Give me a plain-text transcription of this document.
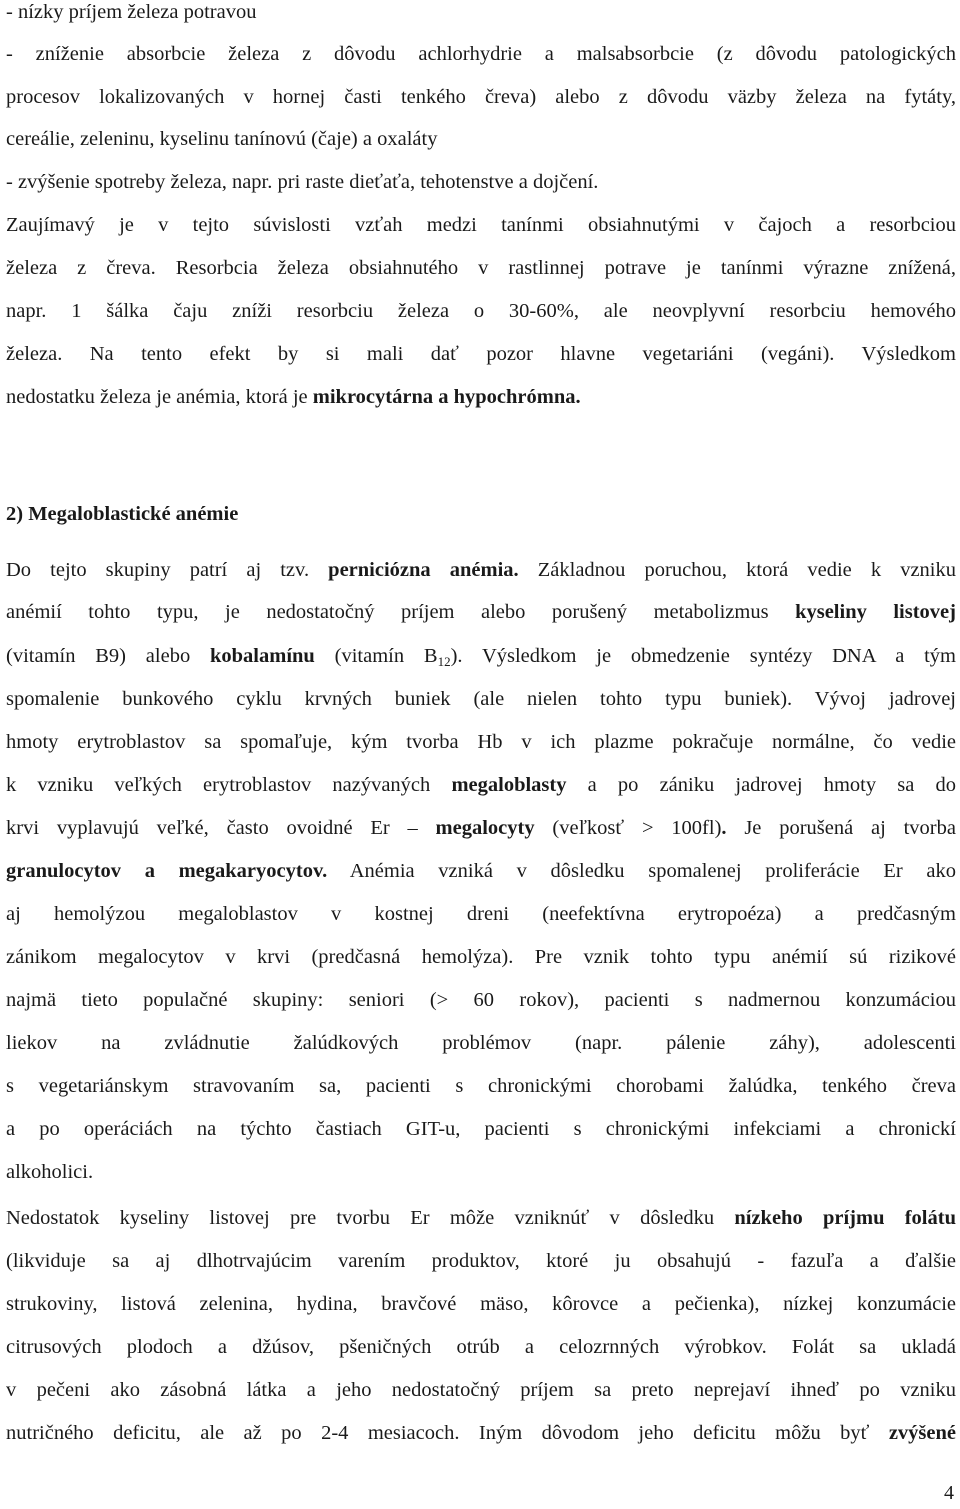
- nízky príjem železa potravou
- zníženie absorbcie železa z dôvodu achlorhydrie a malsabsorbcie (z dôvodu patologických
procesov lokalizovaných v hornej časti tenkého čreva) alebo z dôvodu väzby železa na fytáty,
cereálie, zeleninu, kyselinu tanínovú (čaje) a oxaláty
- zvýšenie spotreby železa, napr. pri raste dieťaťa, tehotenstve a dojčení.
Zaujímavý je v tejto súvislosti vzťah medzi tanínmi obsiahnutými v čajoch a resorbciou
železa z čreva. Resorbcia železa obsiahnutého v rastlinnej potrave je tanínmi výrazne znížená,
napr. 1 šálka čaju zníži resorbciu železa o 30-60%, ale neovplyvní resorbciu hemového
železa. Na tento efekt by si mali dať pozor hlavne vegetariáni (vegáni). Výsledkom
nedostatku železa je anémia, ktorá je mikrocytárna a hypochrómna.
2) Megaloblastické anémie
Do tejto skupiny patrí aj tzv. perniciózna anémia. Základnou poruchou, ktorá vedie k vzniku
anémií tohto typu, je nedostatočný príjem alebo porušený metabolizmus kyseliny listovej
(vitamín B9) alebo kobalamínu (vitamín $B_{12}$). Výsledkom je obmedzenie syntézy DNA a tým
spomalenie bunkového cyklu krvných buniek (ale nielen tohto typu buniek). Vývoj jadrovej
hmoty erytroblastov sa spomaľuje, kým tvorba Hb v ich plazme pokračuje normálne, čo vedie
k vzniku veľkých erytroblastov nazývaných megaloblasty a po zániku jadrovej hmoty sa do
krvi vyplavujú veľké, často ovoidné Er – megalocyty (veľkosť > 100fl). Je porušená aj tvorba
granulocytov a megakaryocytov. Anémia vzniká v dôsledku spomalenej proliferácie Er ako
aj hemolýzou megaloblastov v kostnej dreni (neefektívna erytropoéza) a predčasným
zánikom megalocytov v krvi (predčasná hemolýza). Pre vznik tohto typu anémií sú rizikové
najmä tieto populačné skupiny: seniori (> 60 rokov), pacienti s nadmernou konzumáciou
liekov na zvládnutie žalúdkových problémov (napr. pálenie záhy), adolescenti
s vegetariánskym stravovaním sa, pacienti s chronickými chorobami žalúdka, tenkého čreva
a po operáciách na týchto častiach GIT-u, pacienti s chronickými infekciami a chronickí
alkoholici.
Nedostatok kyseliny listovej pre tvorbu Er môže vzniknúť v dôsledku nízkeho príjmu folátu
(likviduje sa aj dlhotrvajúcim varením produktov, ktoré ju obsahujú - fazuľa a ďalšie
strukoviny, listová zelenina, hydina, bravčové mäso, kôrovce a pečienka), nízkej konzumácie
citrusových plodoch a džúsov, pšeničných otrúb a celozrnných výrobkov. Folát sa ukladá
v pečeni ako zásobná látka a jeho nedostatočný príjem sa preto neprejaví ihneď po vzniku
nutričného deficitu, ale až po 2-4 mesiacoch. Iným dôvodom jeho deficitu môžu byť zvýšené
4
